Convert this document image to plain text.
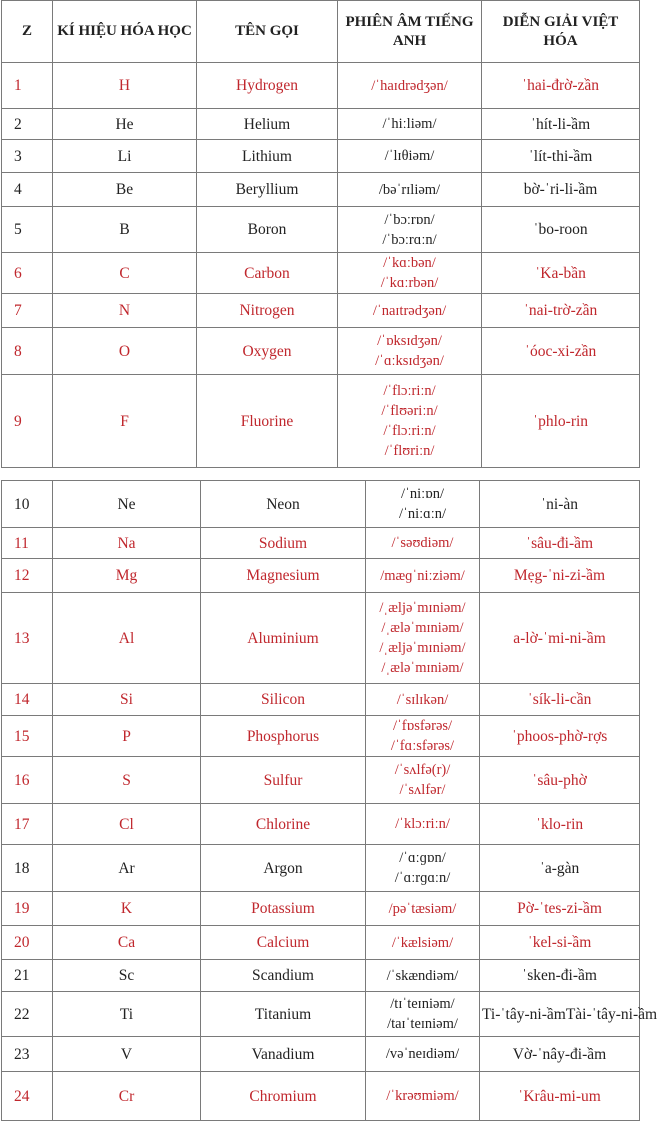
Z	KÍ HIỆU HÓA HỌC	TÊN GỌI	PHIÊN ÂM TIẾNG ANH	DIỄN GIẢI VIỆT HÓA
1	H	Hydrogen	/ˈhaɪdrədʒən/	ˈhai-đrờ-zần
2	He	Helium	/ˈhiːliəm/	ˈhít-li-ầm
3	Li	Lithium	/ˈlɪθiəm/	ˈlít-thi-ầm
4	Be	Beryllium	/bəˈrɪliəm/	bờ-ˈri-li-ầm
5	B	Boron	/ˈbɔːrɒn/
/ˈbɔːrɑːn/	ˈbo-roon
6	C	Carbon	/ˈkɑːbən/
/ˈkɑːrbən/	ˈKa-bần
7	N	Nitrogen	/ˈnaɪtrədʒən/	ˈnai-trờ-zần
8	O	Oxygen	/ˈɒksɪdʒən/
/ˈɑːksɪdʒən/	ˈóoc-xi-zần
9	F	Fluorine	/ˈflɔːriːn/
/ˈflʊəriːn/
/ˈflɔːriːn/
/ˈflʊriːn/	ˈphlo-rin
10	Ne	Neon	/ˈniːɒn/
/ˈniːɑːn/	ˈni-àn
11	Na	Sodium	/ˈsəʊdiəm/	ˈsâu-đi-ầm
12	Mg	Magnesium	/mæɡˈniːziəm/	Mẹg-ˈni-zi-ầm
13	Al	Aluminium	/ˌæljəˈmɪniəm/
/ˌæləˈmɪniəm/
/ˌæljəˈmɪniəm/
/ˌæləˈmɪniəm/	a-lờ-ˈmi-ni-ầm
14	Si	Silicon	/ˈsɪlɪkən/	ˈsík-li-cần
15	P	Phosphorus	/ˈfɒsfərəs/
/ˈfɑːsfərəs/	ˈphoos-phờ-rợs
16	S	Sulfur	/ˈsʌlfə(r)/
/ˈsʌlfər/	ˈsâu-phờ
17	Cl	Chlorine	/ˈklɔːriːn/	ˈklo-rin
18	Ar	Argon	/ˈɑːɡɒn/
/ˈɑːrɡɑːn/	ˈa-gàn
19	K	Potassium	/pəˈtæsiəm/	Pờ-ˈtes-zi-ầm
20	Ca	Calcium	/ˈkælsiəm/	ˈkel-si-ầm
21	Sc	Scandium	/ˈskændiəm/	ˈsken-đi-ầm
22	Ti	Titanium	/tɪˈteɪniəm/
/taɪˈteɪniəm/	Ti-ˈtây-ni-ầmTài-ˈtây-ni-ầm
23	V	Vanadium	/vəˈneɪdiəm/	Vờ-ˈnây-đi-ầm
24	Cr	Chromium	/ˈkrəʊmiəm/	ˈKrâu-mi-um
